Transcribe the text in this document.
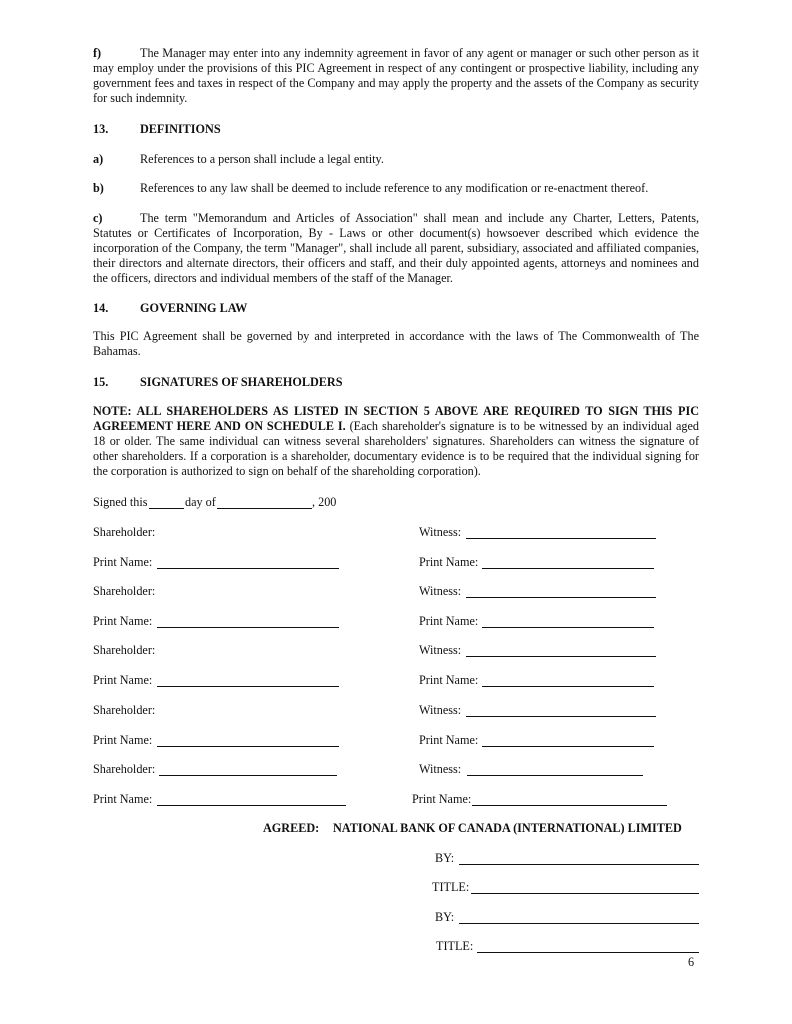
f)	The Manager may enter into any indemnity agreement in favor of any agent or manager or such other person as it may employ under the provisions of this PIC Agreement in respect of any contingent or prospective liability, including any government fees and taxes in respect of the Company and may apply the property and the assets of the Company as security for such indemnity.
13.	DEFINITIONS
a)	References to a person shall include a legal entity.
b)	References to any law shall be deemed to include reference to any modification or re-enactment thereof.
c)	The term "Memorandum and Articles of Association" shall mean and include any Charter, Letters, Patents, Statutes or Certificates of Incorporation, By - Laws or other document(s) howsoever described which evidence the incorporation of the Company, the term "Manager", shall include all parent, subsidiary, associated and affiliated companies, their directors and alternate directors, their officers and staff, and their duly appointed agents, attorneys and nominees and the officers, directors and individual members of the staff of the Manager.
14.	GOVERNING LAW
This PIC Agreement shall be governed by and interpreted in accordance with the laws of The Commonwealth of The Bahamas.
15.	SIGNATURES OF SHAREHOLDERS
NOTE: ALL SHAREHOLDERS AS LISTED IN SECTION 5 ABOVE ARE REQUIRED TO SIGN THIS PIC AGREEMENT HERE AND ON SCHEDULE I. (Each shareholder's signature is to be witnessed by an individual aged 18 or older. The same individual can witness several shareholders' signatures. Shareholders can witness the signature of other shareholders. If a corporation is a shareholder, documentary evidence is to be required that the individual signing for the corporation is authorized to sign on behalf of the shareholding corporation).
Signed this	day of	, 200
Shareholder:	Witness:
Print Name:	Print Name:
Shareholder:	Witness:
Print Name:	Print Name:
Shareholder:	Witness:
Print Name:	Print Name:
Shareholder:	Witness:
Print Name:	Print Name:
Shareholder:	Witness:
Print Name:	Print Name:
AGREED: NATIONAL BANK OF CANADA (INTERNATIONAL) LIMITED
BY:
TITLE:
BY:
TITLE:
6
